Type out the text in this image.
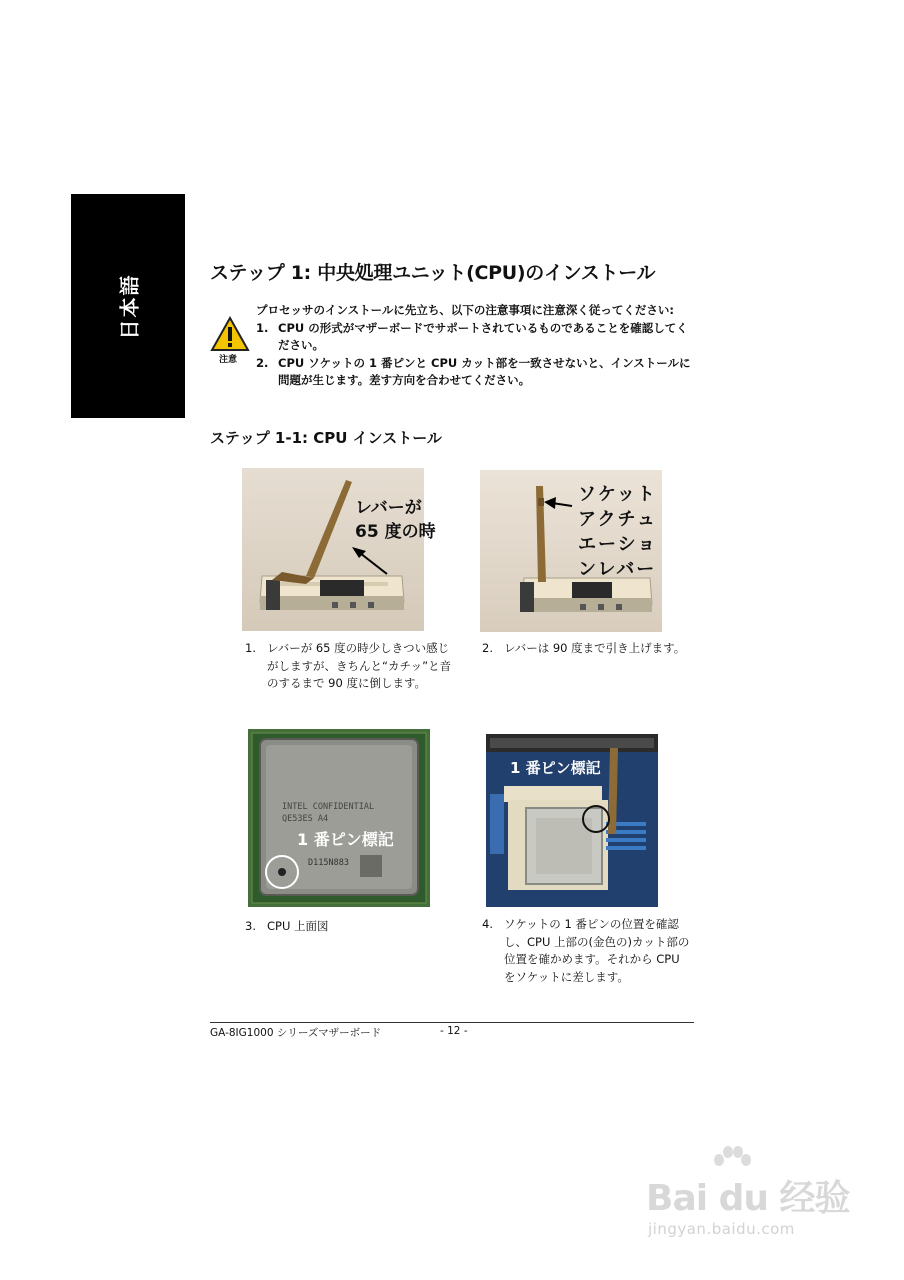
日本語	ステップ 1: 中央処理ユニット(CPU)のインストール
注意
プロセッサのインストールに先立ち、以下の注意事項に注意深く従ってください:
1. CPU の形式がマザーボードでサポートされているものであることを確認してください。
2. CPU ソケットの 1 番ピンと CPU カット部を一致させないと、インストールに問題が生じます。差す方向を合わせてください。
ステップ 1-1: CPU インストール
レバーが
65 度の時
ソケット
アクチュ
エーショ
ンレバー
INTEL CONFIDENTIAL
QE53ES A4
D115N883
1 番ピン標記
1 番ピン標記
1. レバーが 65 度の時少しきつい感じがしますが、きちんと“カチッ”と音のするまで 90 度に倒します。
2. レバーは 90 度まで引き上げます。
3. CPU 上面図	4. ソケットの 1 番ピンの位置を確認し、CPU 上部の(金色の)カット部の位置を確かめます。それから CPU をソケットに差します。
GA-8IG1000 シリーズマザーボード	- 12 -
Bai du 经验
jingyan.baidu.com
